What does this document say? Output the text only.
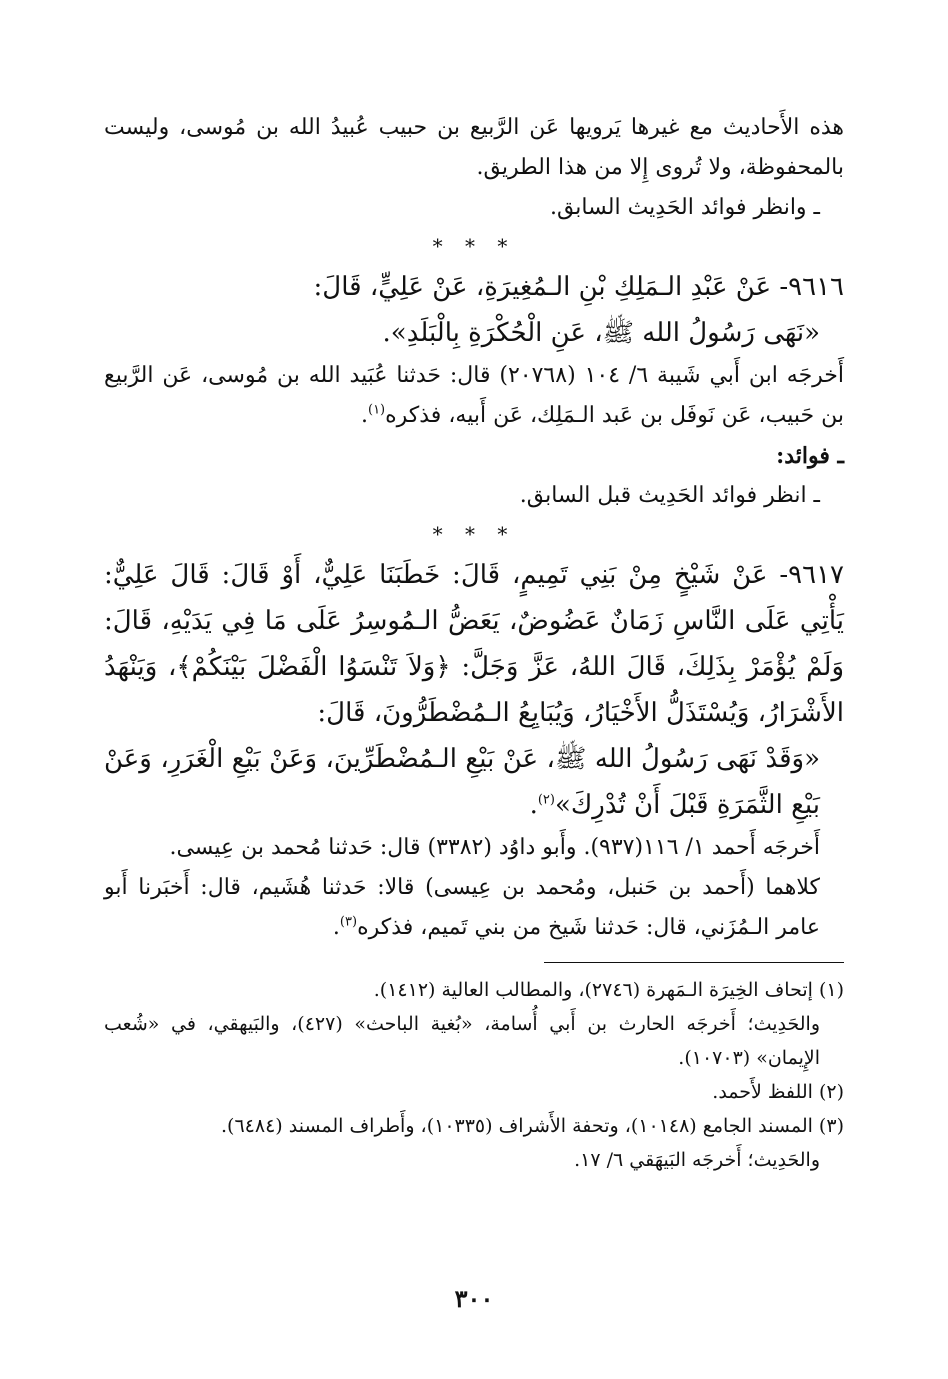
هذه الأَحاديث مع غيرها يَرويها عَن الرَّبيع بن حبيب عُبيدُ الله بن مُوسى، وليست بالمحفوظة، ولا تُروى إِلا من هذا الطريق.

ـ وانظر فوائد الحَدِيث السابق.

* * *

٩٦١٦- عَنْ عَبْدِ الـمَلِكِ بْنِ الـمُغِيرَةِ، عَنْ عَلِيٍّ، قَالَ:

«نَهَى رَسُولُ الله ﷺ، عَنِ الْحُكْرَةِ بِالْبَلَدِ».

أَخرجَه ابن أَبي شَيبة ٦/ ١٠٤ (٢٠٧٦٨) قال: حَدثنا عُبَيد الله بن مُوسى، عَن الرَّبيع بن حَبيب، عَن نَوفَل بن عَبد الـمَلِك، عَن أَبيه، فذكره$^{(١)}$.

ـ فوائد:

ـ انظر فوائد الحَدِيث قبل السابق.

* * *

٩٦١٧- عَنْ شَيْخٍ مِنْ بَنِي تَمِيمٍ، قَالَ: خَطَبَنَا عَلِيٌّ، أَوْ قَالَ: قَالَ عَلِيٌّ: يَأْتِي عَلَى النَّاسِ زَمَانٌ عَضُوضٌ، يَعَضُّ الـمُوسِرُ عَلَى مَا فِي يَدَيْهِ، قَالَ: وَلَمْ يُؤْمَرْ بِذَلِكَ، قَالَ اللهُ، عَزَّ وَجَلَّ: ﴿وَلاَ تَنْسَوُا الْفَضْلَ بَيْنَكُمْ﴾، وَيَنْهَدُ الأَشْرَارُ، وَيُسْتَذَلُّ الأَخْيَارُ، وَيُبَايِعُ الـمُضْطَرُّونَ، قَالَ:

«وَقَدْ نَهَى رَسُولُ الله ﷺ، عَنْ بَيْعِ الـمُضْطَرِّينَ، وَعَنْ بَيْعِ الْغَرَرِ، وَعَنْ بَيْعِ الثَّمَرَةِ قَبْلَ أَنْ تُدْرِكَ»$^{(٢)}$.

أَخرجَه أَحمد ١/ ١١٦(٩٣٧). وأَبو داوُد (٣٣٨٢) قال: حَدثنا مُحمد بن عِيسى.

كلاهما (أَحمد بن حَنبل، ومُحمد بن عِيسى) قالا: حَدثنا هُشَيم، قال: أَخبَرنا أَبو عامر الـمُزَني، قال: حَدثنا شَيخ من بني تَميم، فذكره$^{(٣)}$.

(١) إتحاف الخِيرَة الـمَهرة (٢٧٤٦)، والمطالب العالية (١٤١٢).

والحَدِيث؛ أَخرجَه الحارث بن أَبي أُسامة، «بُغية الباحث» (٤٢٧)، والبَيهقي، في «شُعب الإِيمان» (١٠٧٠٣).

(٢) اللفظ لأَحمد.

(٣) المسند الجامع (١٠١٤٨)، وتحفة الأَشراف (١٠٣٣٥)، وأَطراف المسند (٦٤٨٤).

والحَدِيث؛ أَخرجَه البَيهَقي ٦/ ١٧.

٣٠٠
